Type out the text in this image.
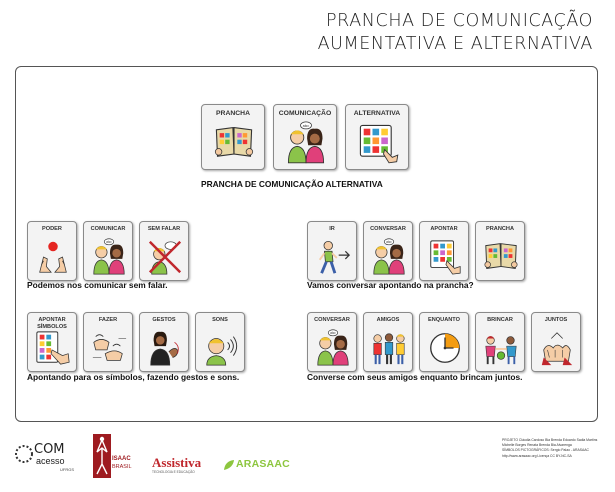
PRANCHA DE COMUNICAÇÃO
AUMENTATIVA E ALTERNATIVA
PRANCHA	COMUNICAÇÃO	ALTERNATIVA
PRANCHA DE COMUNICAÇÃO ALTERNATIVA
PODER	COMUNICAR	SEM FALAR
Podemos nos comunicar sem falar.
IR	CONVERSAR	APONTAR	PRANCHA
Vamos conversar apontando na prancha?
APONTAR SÍMBOLOS
FAZER	GESTOS	SONS
Apontando para os símbolos, fazendo gestos e sons.
CONVERSAR	AMIGOS	ENQUANTO	BRINCAR	JUNTOS
Converse com seus amigos enquanto brincam juntos.
COM
acesso
UFRGS
ISAAC
BRASIL Assistiva
TECNOLOGIA E EDUCAÇÃO
ARASAAC
PROJETO Cláudia Cardoso Bia Brenda Eduardo Sadia Martins
Michelle Borges Renata Brenda Bia Alvarenga
SÍMBOLOS PICTOGRÁFICOS: Sergio Palao - ARASAAC
http://www.arasaac.org Licença CC BY-NC-SA
